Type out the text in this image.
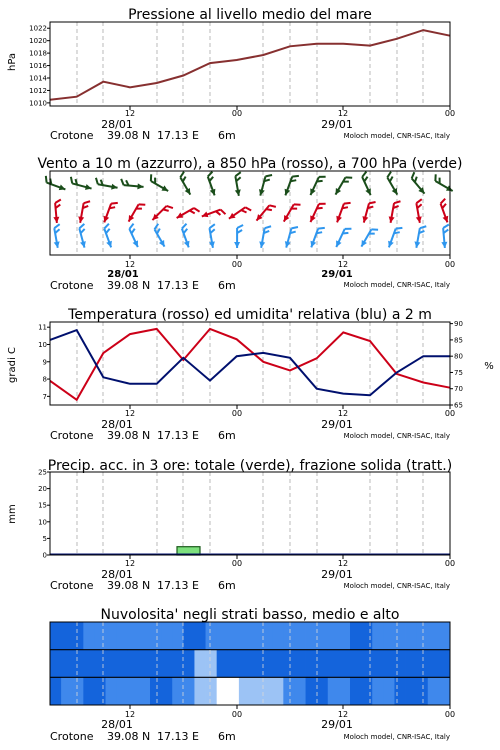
1010
1012
1014
1016
1018
1020
1022
7
8
9
10
11
65
70
75
80
85
90
0
5
10
15
20
25
Pressione al livello medio del mare
hPa
12	00	12	00
28/01	29/01
Crotone 39.08 N 17.13 E 6m	Moloch model, CNR-ISAC, Italy
Vento a 10 m (azzurro), a 850 hPa (rosso), a 700 hPa (verde)
12	00	12	00
28/01	29/01
Crotone 39.08 N 17.13 E 6m	Moloch model, CNR-ISAC, Italy
Temperatura (rosso) ed umidita' relativa (blu) a 2 m
gradi C	%
12	00	12	00
28/01	29/01
Crotone 39.08 N 17.13 E 6m	Moloch model, CNR-ISAC, Italy
Precip. acc. in 3 ore: totale (verde), frazione solida (tratt.)
mm
12	00	12	00
28/01	29/01
Crotone 39.08 N 17.13 E 6m	Moloch model, CNR-ISAC, Italy
Nuvolosita' negli strati basso, medio e alto
12	00	12	00
28/01	29/01
Crotone 39.08 N 17.13 E 6m	Moloch model, CNR-ISAC, Italy
